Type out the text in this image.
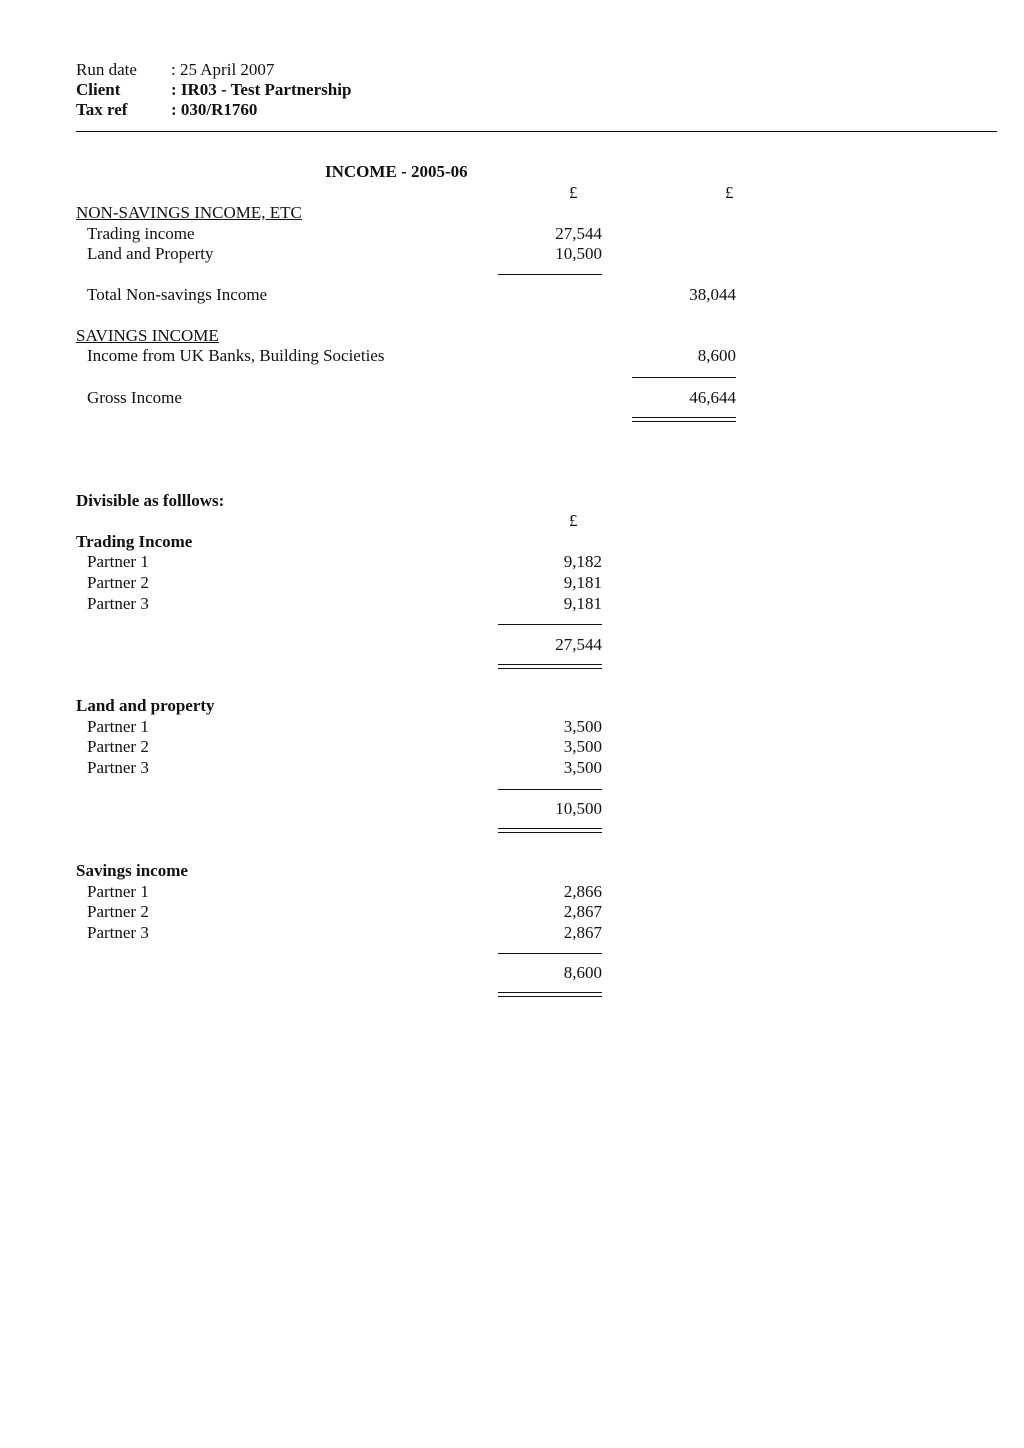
Run date : 25 April 2007
Client	: IR03 - Test Partnership
Tax ref	: 030/R1760
INCOME - 2005-06
£	£
NON-SAVINGS INCOME, ETC
Trading income	27,544
Land and Property	10,500
Total Non-savings Income	38,044
SAVINGS INCOME
Income from UK Banks, Building Societies	8,600
Gross Income	46,644
Divisible as folllows:
£
Trading Income
Partner 1	9,182
Partner 2	9,181
Partner 3	9,181
27,544
Land and property
Partner 1	3,500
Partner 2	3,500
Partner 3	3,500
10,500
Savings income
Partner 1	2,866
Partner 2	2,867
Partner 3	2,867
8,600
